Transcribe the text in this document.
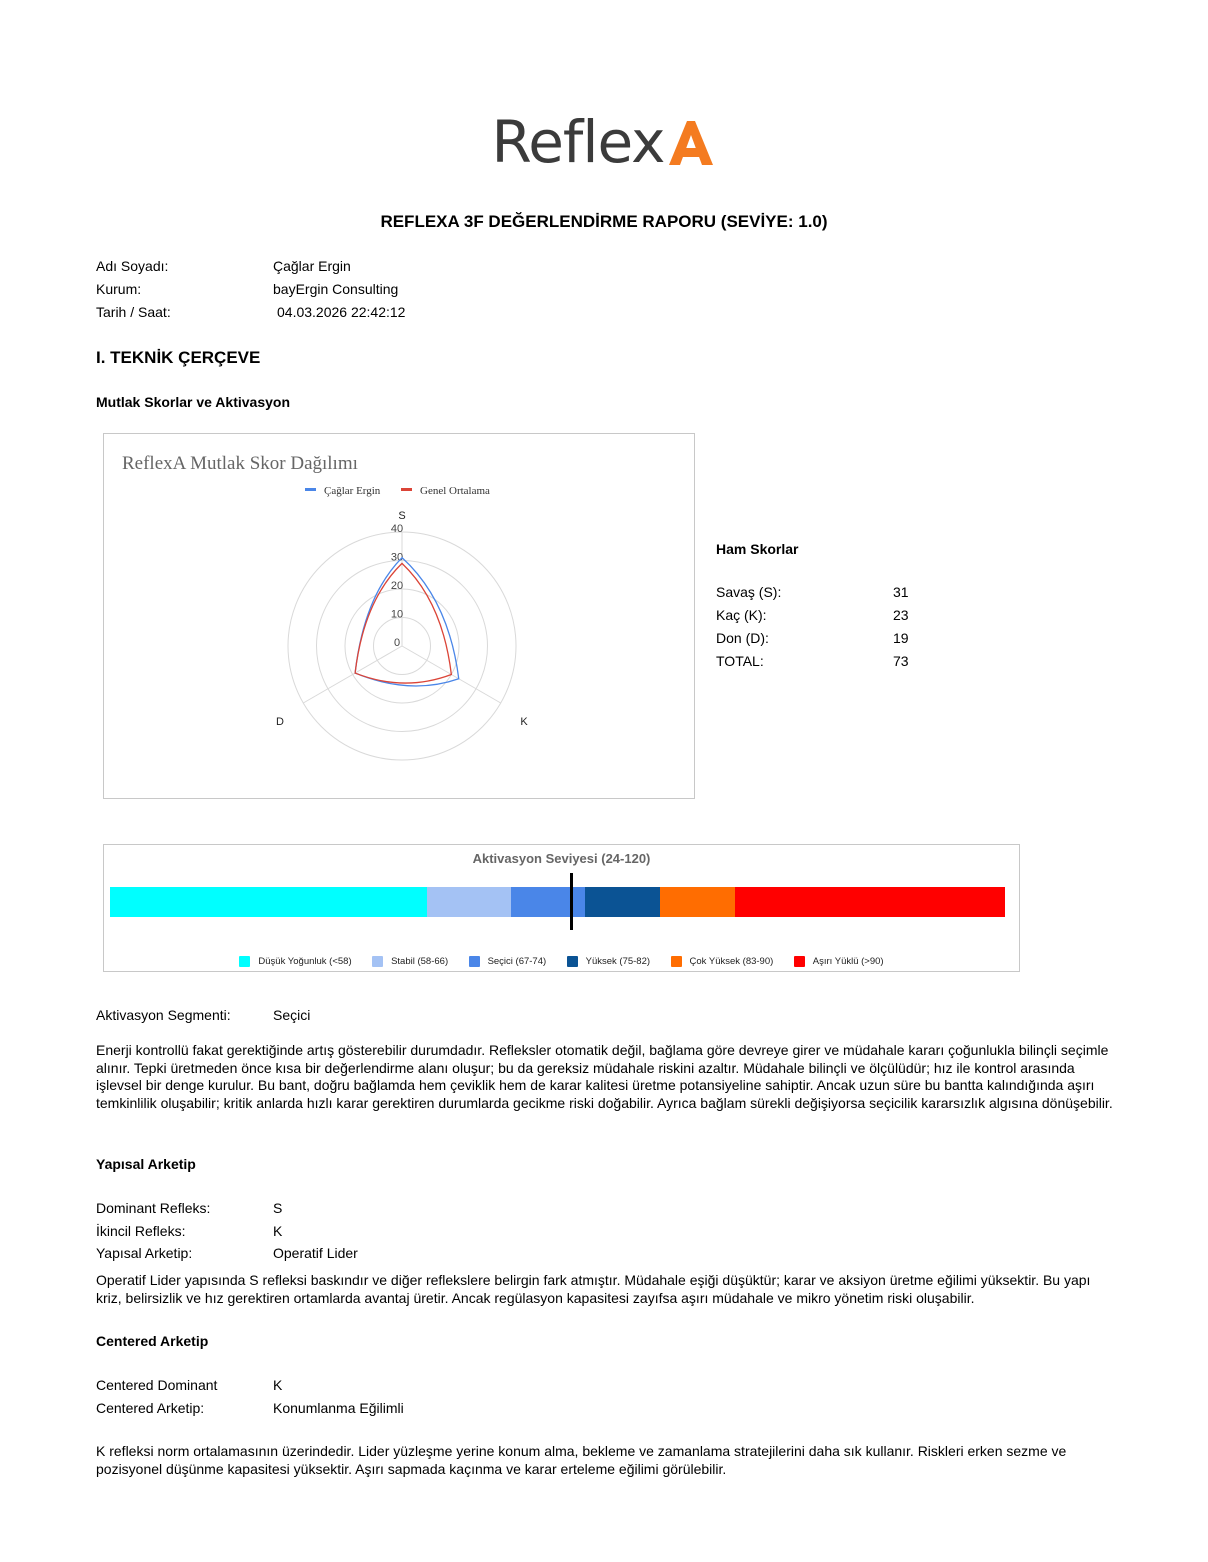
Reflex
REFLEXA 3F DEĞERLENDİRME RAPORU (SEVİYE: 1.0)
Adı Soyadı:	Çağlar Ergin
Kurum:	bayErgin Consulting
Tarih / Saat:	04.03.2026 22:42:12
I. TEKNİK ÇERÇEVE
Mutlak Skorlar ve Aktivasyon
ReflexA Mutlak Skor Dağılımı
Çağlar Ergin	Genel Ortalama
S
K
D
0
10
20
30
40
Ham Skorlar
Savaş (S):	31
Kaç (K):	23
Don (D):	19
TOTAL:	73
Aktivasyon Seviyesi (24-120)
Düşük Yoğunluk (<58)
	Stabil (58-66)
	Seçici (67-74)
	Yüksek (75-82)
	Çok Yüksek (83-90)
	Aşırı Yüklü (>90)
Aktivasyon Segmenti:	Seçici
Enerji kontrollü fakat gerektiğinde artış gösterebilir durumdadır. Refleksler otomatik değil, bağlama göre devreye girer ve müdahale kararı çoğunlukla bilinçli seçimle alınır. Tepki üretmeden önce kısa bir değerlendirme alanı oluşur; bu da gereksiz müdahale riskini azaltır. Müdahale bilinçli ve ölçülüdür; hız ile kontrol arasında işlevsel bir denge kurulur. Bu bant, doğru bağlamda hem çeviklik hem de karar kalitesi üretme potansiyeline sahiptir. Ancak uzun süre bu bantta kalındığında aşırı temkinlilik oluşabilir; kritik anlarda hızlı karar gerektiren durumlarda gecikme riski doğabilir. Ayrıca bağlam sürekli değişiyorsa seçicilik kararsızlık algısına dönüşebilir.
Yapısal Arketip
Dominant Refleks:	S
İkincil Refleks:	K
Yapısal Arketip:	Operatif Lider
Operatif Lider yapısında S refleksi baskındır ve diğer reflekslere belirgin fark atmıştır. Müdahale eşiği düşüktür; karar ve aksiyon üretme eğilimi yüksektir. Bu yapı kriz, belirsizlik ve hız gerektiren ortamlarda avantaj üretir. Ancak regülasyon kapasitesi zayıfsa aşırı müdahale ve mikro yönetim riski oluşabilir.
Centered Arketip
Centered Dominant	K
Centered Arketip:	Konumlanma Eğilimli
K refleksi norm ortalamasının üzerindedir. Lider yüzleşme yerine konum alma, bekleme ve zamanlama stratejilerini daha sık kullanır. Riskleri erken sezme ve pozisyonel düşünme kapasitesi yüksektir. Aşırı sapmada kaçınma ve karar erteleme eğilimi görülebilir.
